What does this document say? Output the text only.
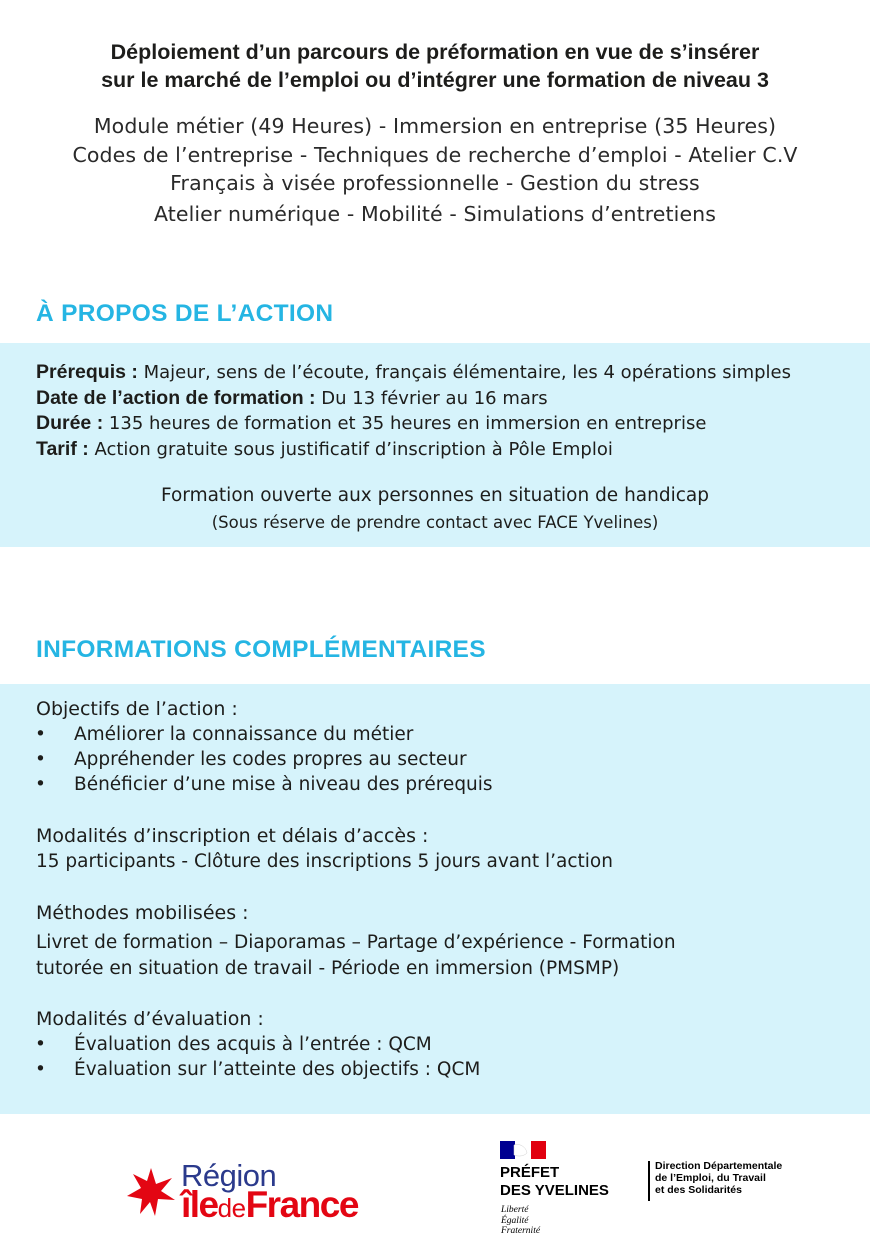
Déploiement d’un parcours de préformation en vue de s’insérer
sur le marché de l’emploi ou d’intégrer une formation de niveau 3
Module métier (49 Heures) - Immersion en entreprise (35 Heures)
Codes de l’entreprise - Techniques de recherche d’emploi - Atelier C.V
Français à visée professionnelle - Gestion du stress
Atelier numérique - Mobilité - Simulations d’entretiens
À PROPOS DE L’ACTION
Prérequis : Majeur, sens de l’écoute, français élémentaire, les 4 opérations simples
Date de l’action de formation : Du 13 février au 16 mars
Durée : 135 heures de formation et 35 heures en immersion en entreprise
Tarif : Action gratuite sous justificatif d’inscription à Pôle Emploi
Formation ouverte aux personnes en situation de handicap
(Sous réserve de prendre contact avec FACE Yvelines)
INFORMATIONS COMPLÉMENTAIRES
Objectifs de l’action :
• Améliorer la connaissance du métier
• Appréhender les codes propres au secteur
• Bénéficier d’une mise à niveau des prérequis
Modalités d’inscription et délais d’accès :
15 participants - Clôture des inscriptions 5 jours avant l’action
Méthodes mobilisées :
Livret de formation – Diaporamas – Partage d’expérience - Formation
tutorée en situation de travail - Période en immersion (PMSMP)
Modalités d’évaluation :
• Évaluation des acquis à l’entrée : QCM
• Évaluation sur l’atteinte des objectifs : QCM
Région
îledeFrance
PRÉFET
DES YVELINES
Liberté
Égalité
Fraternité
Direction Départementale
de l’Emploi, du Travail
et des Solidarités
